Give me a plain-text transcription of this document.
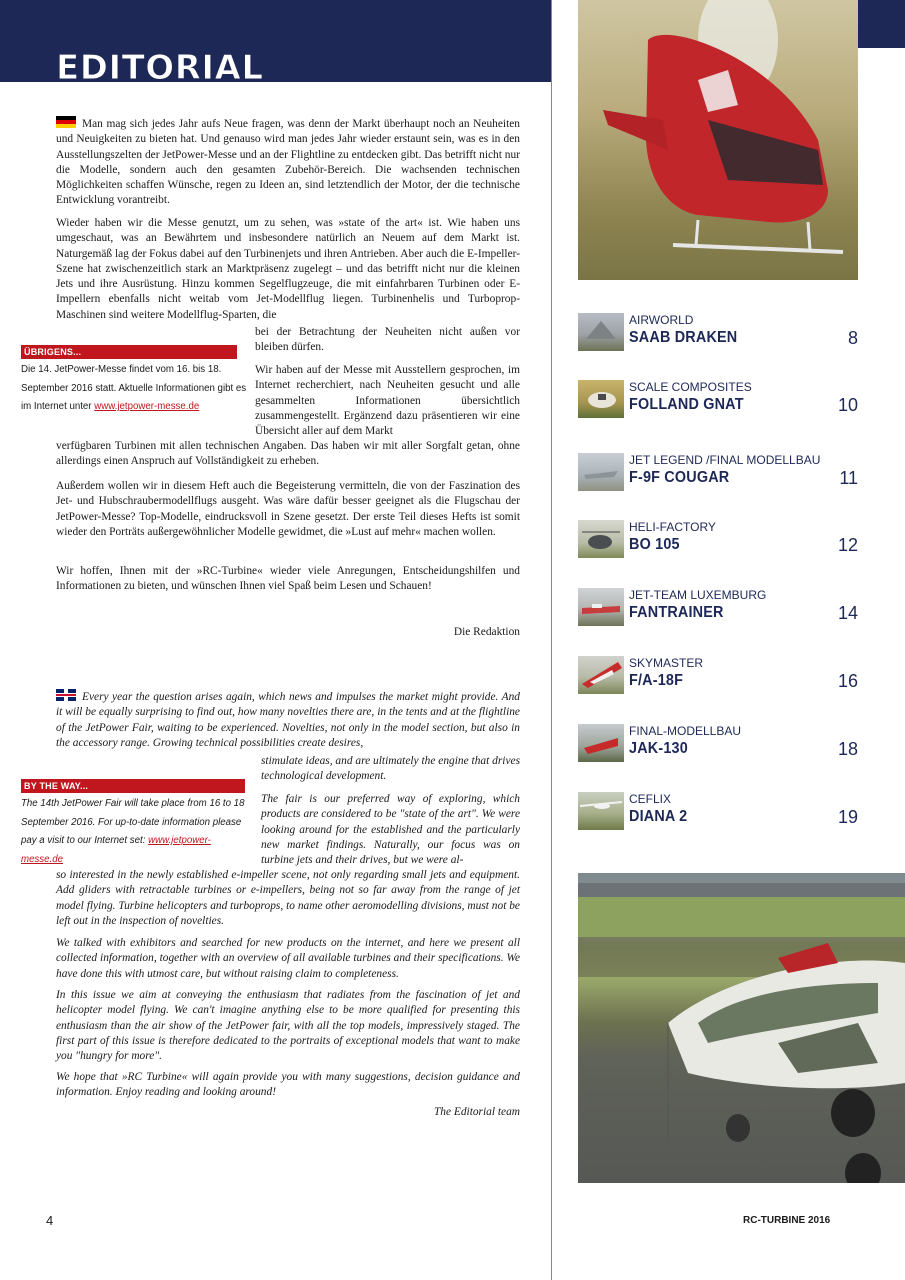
EDITORIAL

Man mag sich jedes Jahr aufs Neue fragen, was denn der Markt überhaupt noch an Neuheiten und Neuigkeiten zu bieten hat. Und genauso wird man jedes Jahr wieder erstaunt sein, was es in den Ausstellungszelten der JetPower-Messe und an der Flightline zu entdecken gibt. Das betrifft nicht nur die Modelle, sondern auch den gesamten Zubehör-Bereich. Die wachsenden technischen Möglichkeiten schaffen Wünsche, regen zu Ideen an, sind letztendlich der Motor, der die technische Entwicklung vorantreibt.

Wieder haben wir die Messe genutzt, um zu sehen, was »state of the art« ist. Wie haben uns umgeschaut, was an Bewährtem und insbesondere natürlich an Neuem auf dem Markt ist. Naturgemäß lag der Fokus dabei auf den Turbinenjets und ihren Antrieben. Aber auch die E-Impeller-Szene hat zwischenzeitlich stark an Marktpräsenz zugelegt – und das betrifft nicht nur die kleinen Jets und ihre Ausrüstung. Hinzu kommen Segelflugzeuge, die mit einfahrbaren Turbinen oder E-Impellern ebenfalls nicht weitab vom Jet-Modellflug liegen. Turbinenhelis und Turboprop-Maschinen sind weitere Modellflug-Sparten, die

bei der Betrachtung der Neuheiten nicht außen vor bleiben dürfen.

Wir haben auf der Messe mit Ausstellern gesprochen, im Internet recherchiert, nach Neuheiten gesucht und alle gesammelten Informationen übersichtlich zusammengestellt. Ergänzend dazu präsentieren wir eine Übersicht aller auf dem Markt

verfügbaren Turbinen mit allen technischen Angaben. Das haben wir mit aller Sorgfalt getan, ohne allerdings einen Anspruch auf Vollständigkeit zu erheben.

Außerdem wollen wir in diesem Heft auch die Begeisterung vermitteln, die von der Faszination des Jet- und Hubschraubermodellflugs ausgeht. Was wäre dafür besser geeignet als die Flugschau der JetPower-Messe? Top-Modelle, eindrucksvoll in Szene gesetzt. Der erste Teil dieses Hefts ist somit wieder den Porträts außergewöhnlicher Modelle gewidmet, die »Lust auf mehr« machen wollen.

Wir hoffen, Ihnen mit der »RC-Turbine« wieder viele Anregungen, Entscheidungshilfen und Informationen zu bieten, und wünschen Ihnen viel Spaß beim Lesen und Schauen!

Die Redaktion

ÜBRIGENS...

Die 14. JetPower-Messe findet vom 16. bis 18. September 2016 statt. Aktuelle Informationen gibt es im Internet unter www.jetpower-messe.de

Every year the question arises again, which news and impulses the market might provide. And it will be equally surprising to find out, how many novelties there are, in the tents and at the flightline of the JetPower Fair, waiting to be experienced. Novelties, not only in the model section, but also in the accessory range. Growing technical possibilities create desires,

stimulate ideas, and are ultimately the engine that drives technological development.

The fair is our preferred way of exploring, which products are considered to be "state of the art". We were looking around for the established and the particularly new market findings. Naturally, our focus was on turbine jets and their drives, but we were al-

so interested in the newly established e-impeller scene, not only regarding small jets and equipment. Add gliders with retractable turbines or e-impellers, being not so far away from the range of jet model flying. Turbine helicopters and turboprops, to name other aeromodelling divisions, must not be left out in the inspection of novelties.

We talked with exhibitors and searched for new products on the internet, and here we present all collected information, together with an overview of all available turbines and their specifications. We have done this with utmost care, but without raising claim to completeness.

In this issue we aim at conveying the enthusiasm that radiates from the fascination of jet and helicopter model flying. We can't imagine anything else to be more qualified for presenting this enthusiasm than the air show of the JetPower fair, with all the top models, impressively staged. The first part of this issue is therefore dedicated to the portraits of exceptional models that want to make you "hungry for more".

We hope that »RC Turbine« will again provide you with many suggestions, decision guidance and information. Enjoy reading and looking around!

The Editorial team

BY THE WAY...

The 14th JetPower Fair will take place from 16 to 18 September 2016. For up-to-date information please pay a visit to our Internet set: www.jetpower-messe.de

AIRWORLD
SAAB DRAKEN	8
SCALE COMPOSITES
FOLLAND GNAT	10
JET LEGEND /FINAL MODELLBAU
F-9F COUGAR	11
HELI-FACTORY
BO 105	12
JET-TEAM LUXEMBURG
FANTRAINER	14
SKYMASTER
F/A-18F	16
FINAL-MODELLBAU
JAK-130	18
CEFLIX
DIANA 2	19
4	RC-TURBINE 2016
